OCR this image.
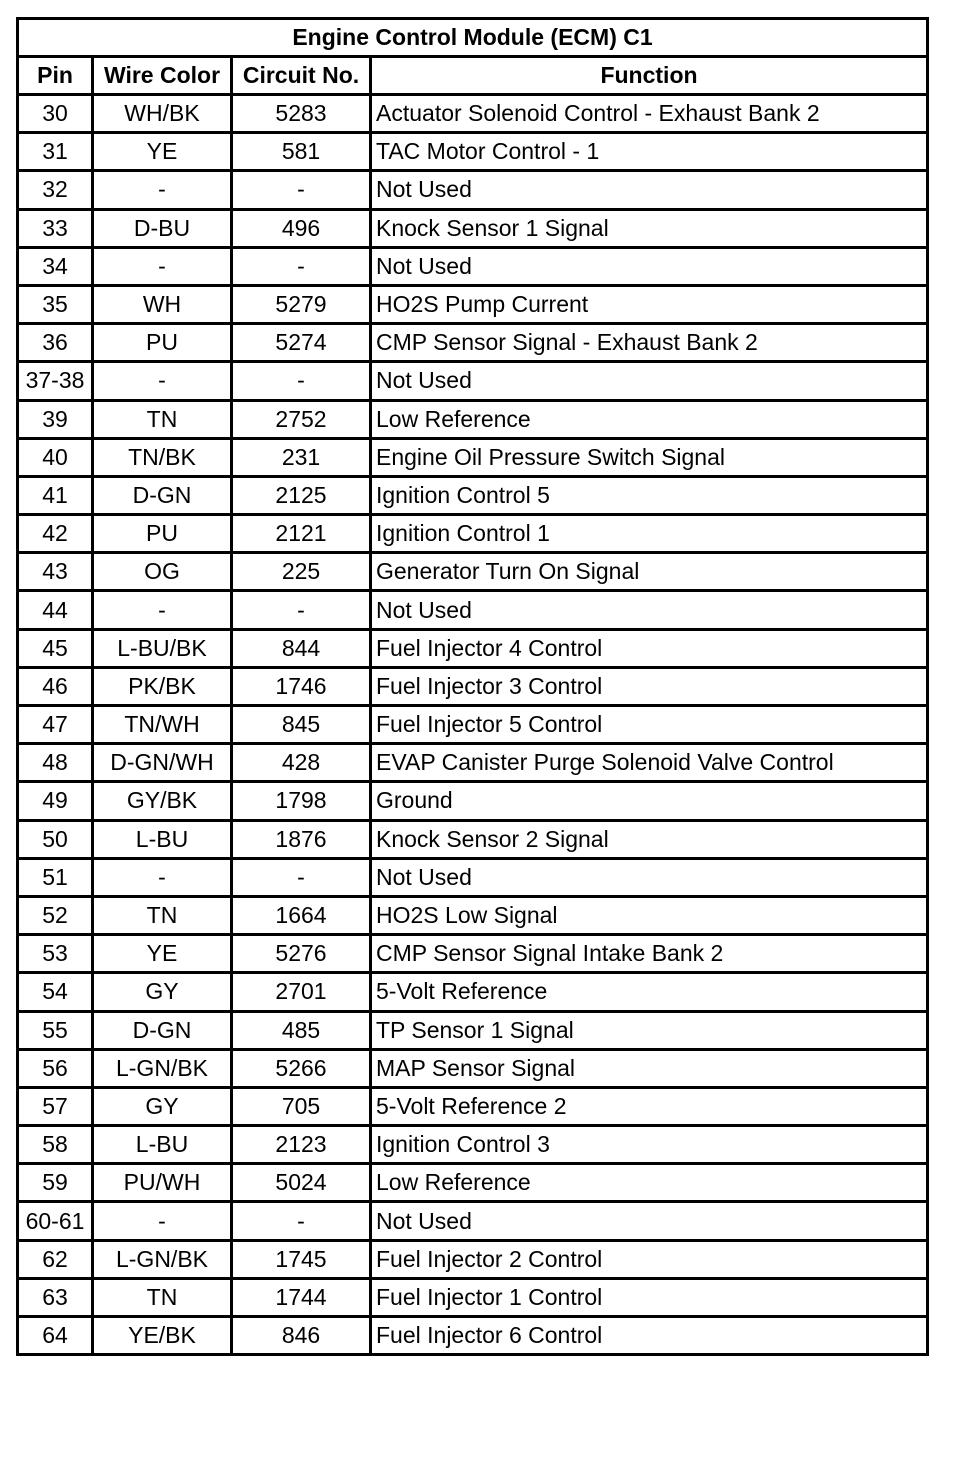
Engine Control Module (ECM) C1			
Pin	Wire Color	Circuit No.	Function
30	WH/BK	5283	Actuator Solenoid Control - Exhaust Bank 2
31	YE	581	TAC Motor Control - 1
32	-	-	Not Used
33	D-BU	496	Knock Sensor 1 Signal
34	-	-	Not Used
35	WH	5279	HO2S Pump Current
36	PU	5274	CMP Sensor Signal - Exhaust Bank 2
37-38	-	-	Not Used
39	TN	2752	Low Reference
40	TN/BK	231	Engine Oil Pressure Switch Signal
41	D-GN	2125	Ignition Control 5
42	PU	2121	Ignition Control 1
43	OG	225	Generator Turn On Signal
44	-	-	Not Used
45	L-BU/BK	844	Fuel Injector 4 Control
46	PK/BK	1746	Fuel Injector 3 Control
47	TN/WH	845	Fuel Injector 5 Control
48	D-GN/WH	428	EVAP Canister Purge Solenoid Valve Control
49	GY/BK	1798	Ground
50	L-BU	1876	Knock Sensor 2 Signal
51	-	-	Not Used
52	TN	1664	HO2S Low Signal
53	YE	5276	CMP Sensor Signal Intake Bank 2
54	GY	2701	5-Volt Reference
55	D-GN	485	TP Sensor 1 Signal
56	L-GN/BK	5266	MAP Sensor Signal
57	GY	705	5-Volt Reference 2
58	L-BU	2123	Ignition Control 3
59	PU/WH	5024	Low Reference
60-61	-	-	Not Used
62	L-GN/BK	1745	Fuel Injector 2 Control
63	TN	1744	Fuel Injector 1 Control
64	YE/BK	846	Fuel Injector 6 Control
